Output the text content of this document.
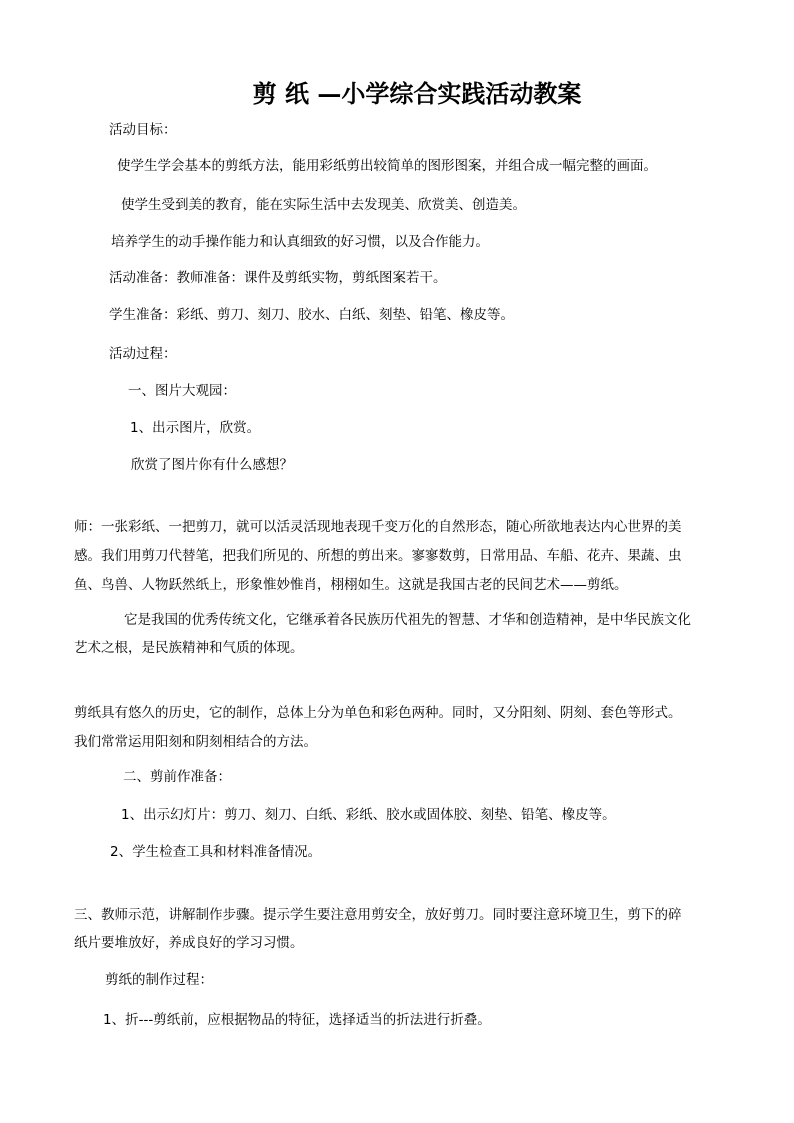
剪 纸 —小学综合实践活动教案
活动目标：
使学生学会基本的剪纸方法，能用彩纸剪出较简单的图形图案，并组合成一幅完整的画面。
使学生受到美的教育，能在实际生活中去发现美、欣赏美、创造美。
培养学生的动手操作能力和认真细致的好习惯，以及合作能力。
活动准备：教师准备：课件及剪纸实物，剪纸图案若干。
学生准备：彩纸、剪刀、刻刀、胶水、白纸、刻垫、铅笔、橡皮等。
活动过程：
一、图片大观园：
1、出示图片，欣赏。
欣赏了图片你有什么感想？
师：一张彩纸、一把剪刀，就可以活灵活现地表现千变万化的自然形态，随心所欲地表达内心世界的美
感。我们用剪刀代替笔，把我们所见的、所想的剪出来。寥寥数剪，日常用品、车船、花卉、果蔬、虫
鱼、鸟兽、人物跃然纸上，形象惟妙惟肖，栩栩如生。这就是我国古老的民间艺术——剪纸。
它是我国的优秀传统文化，它继承着各民族历代祖先的智慧、才华和创造精神，是中华民族文化
艺术之根，是民族精神和气质的体现。
剪纸具有悠久的历史，它的制作，总体上分为单色和彩色两种。同时，又分阳刻、阴刻、套色等形式。
我们常常运用阳刻和阴刻相结合的方法。
二、剪前作准备：
1、出示幻灯片：剪刀、刻刀、白纸、彩纸、胶水或固体胶、刻垫、铅笔、橡皮等。
2、学生检查工具和材料准备情况。
三、教师示范，讲解制作步骤。提示学生要注意用剪安全，放好剪刀。同时要注意环境卫生，剪下的碎
纸片要堆放好，养成良好的学习习惯。
剪纸的制作过程：
1、折---剪纸前，应根据物品的特征，选择适当的折法进行折叠。
